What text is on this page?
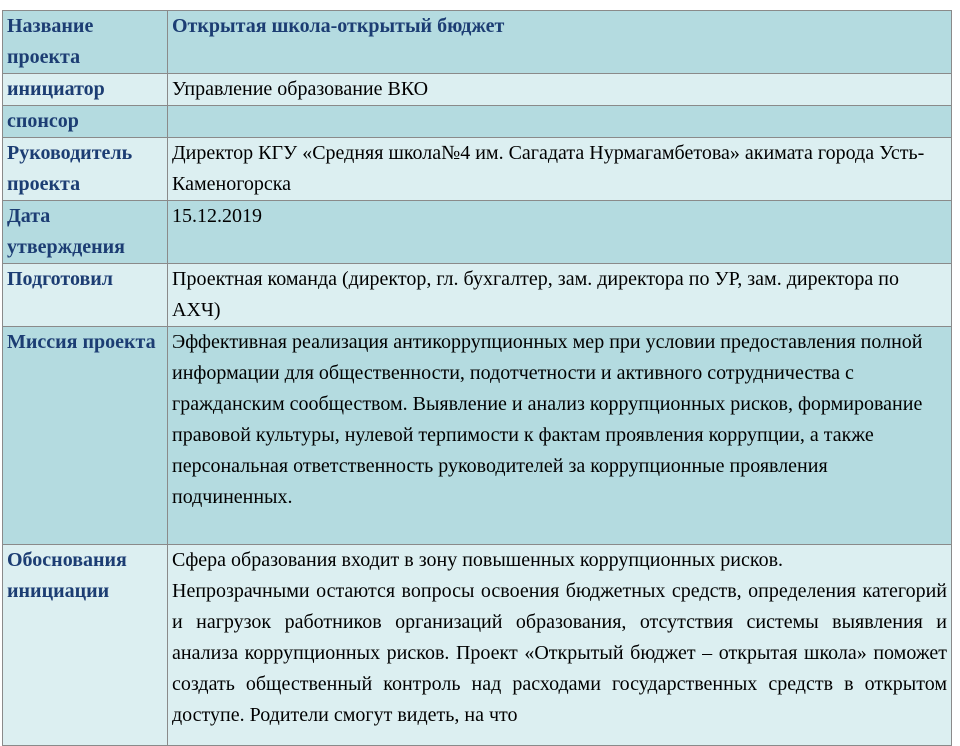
Название проекта	Открытая школа-открытый бюджет
инициатор	Управление образование ВКО
спонсор	
Руководитель проекта	Директор КГУ «Средняя школа№4 им. Сагадата Нурмагамбетова» акимата города Усть-Каменогорска
Дата утверждения	15.12.2019
Подготовил	Проектная команда (директор, гл. бухгалтер, зам. директора по УР, зам. директора по АХЧ)
Миссия проекта	Эффективная реализация антикоррупционных мер при условии предоставления полной информации для общественности, подотчетности и активного сотрудничества с гражданским сообществом. Выявление и анализ коррупционных рисков, формирование правовой культуры, нулевой терпимости к фактам проявления коррупции, а также персональная ответственность руководителей за коррупционные проявления подчиненных.
Обоснования инициации	Сфера образования входит в зону повышенных коррупционных рисков.

Непрозрачными остаются вопросы освоения бюджетных средств, определения категорий и нагрузок работников организаций образования, отсутствия системы выявления и анализа коррупционных рисков. Проект «Открытый бюджет – открытая школа» поможет создать общественный контроль над расходами государственных средств в открытом доступе. Родители смогут видеть, на что
